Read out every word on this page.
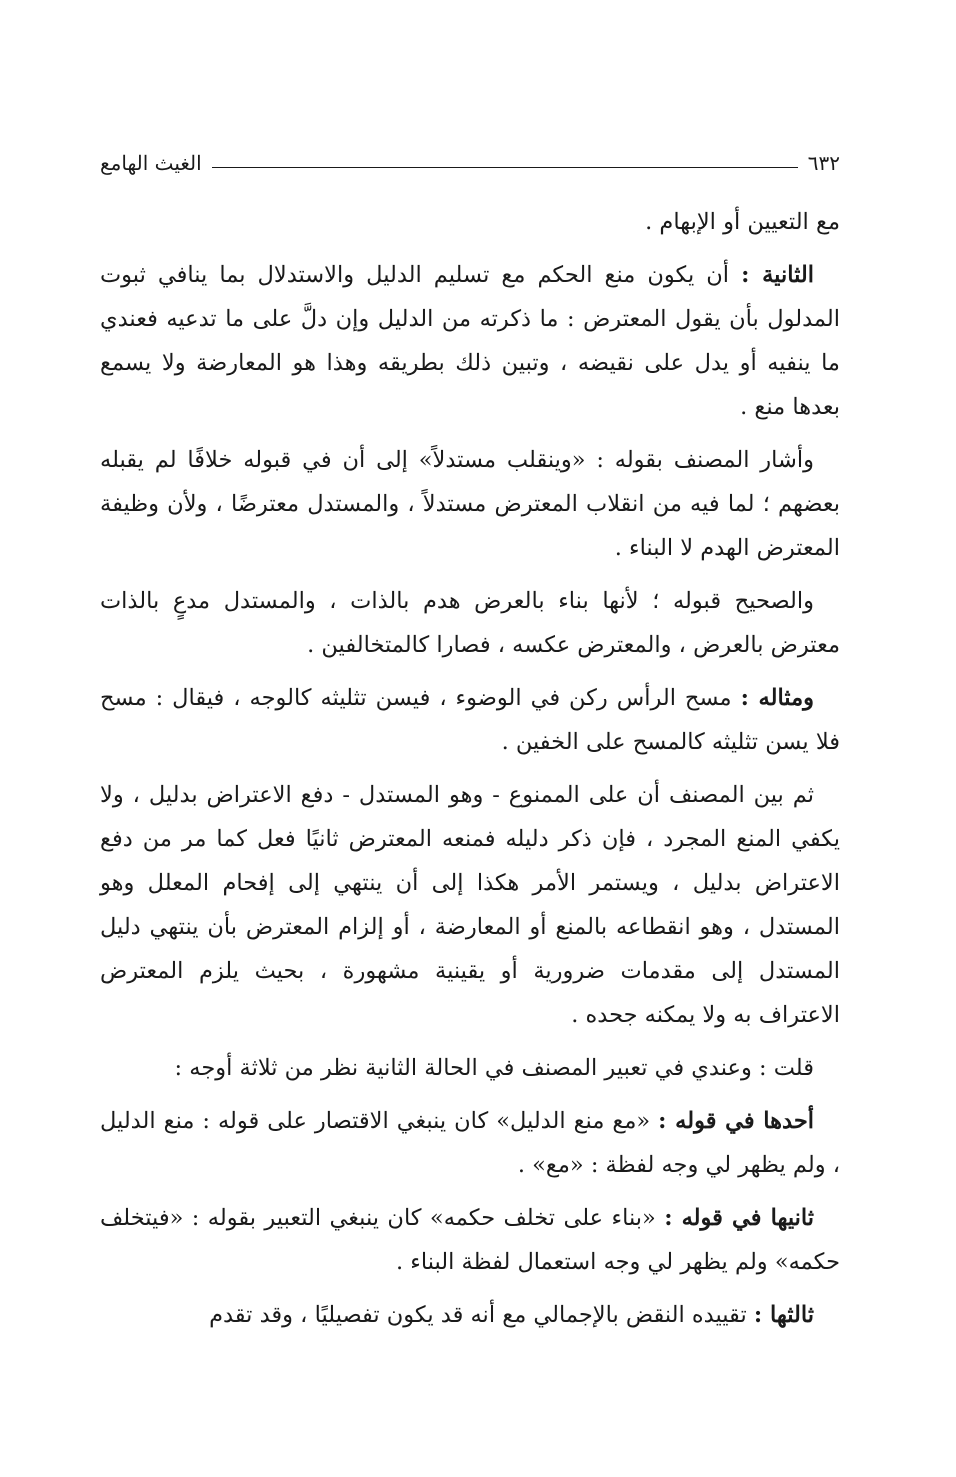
٦٣٢
الغيث الهامع

مع التعيين أو الإبهام .

الثانية : أن يكون منع الحكم مع تسليم الدليل والاستدلال بما ينافي ثبوت المدلول بأن يقول المعترض : ما ذكرته من الدليل وإن دلَّ على ما تدعيه فعندي ما ينفيه أو يدل على نقيضه ، وتبين ذلك بطريقه وهذا هو المعارضة ولا يسمع بعدها منع .

وأشار المصنف بقوله : «وينقلب مستدلاً» إلى أن في قبوله خلافًا لم يقبله بعضهم ؛ لما فيه من انقلاب المعترض مستدلاً ، والمستدل معترضًا ، ولأن وظيفة المعترض الهدم لا البناء .

والصحيح قبوله ؛ لأنها بناء بالعرض هدم بالذات ، والمستدل مدعٍ بالذات معترض بالعرض ، والمعترض عكسه ، فصارا كالمتخالفين .

ومثاله : مسح الرأس ركن في الوضوء ، فيسن تثليثه كالوجه ، فيقال : مسح فلا يسن تثليثه كالمسح على الخفين .

ثم بين المصنف أن على الممنوع - وهو المستدل - دفع الاعتراض بدليل ، ولا يكفي المنع المجرد ، فإن ذكر دليله فمنعه المعترض ثانيًا فعل كما مر من دفع الاعتراض بدليل ، ويستمر الأمر هكذا إلى أن ينتهي إلى إفحام المعلل وهو المستدل ، وهو انقطاعه بالمنع أو المعارضة ، أو إلزام المعترض بأن ينتهي دليل المستدل إلى مقدمات ضرورية أو يقينية مشهورة ، بحيث يلزم المعترض الاعتراف به ولا يمكنه جحده .

قلت : وعندي في تعبير المصنف في الحالة الثانية نظر من ثلاثة أوجه :

أحدها في قوله : «مع منع الدليل» كان ينبغي الاقتصار على قوله : منع الدليل ، ولم يظهر لي وجه لفظة : «مع» .

ثانيها في قوله : «بناء على تخلف حكمه» كان ينبغي التعبير بقوله : «فيتخلف حكمه» ولم يظهر لي وجه استعمال لفظة البناء .

ثالثها : تقييده النقض بالإجمالي مع أنه قد يكون تفصيليًا ، وقد تقدم
